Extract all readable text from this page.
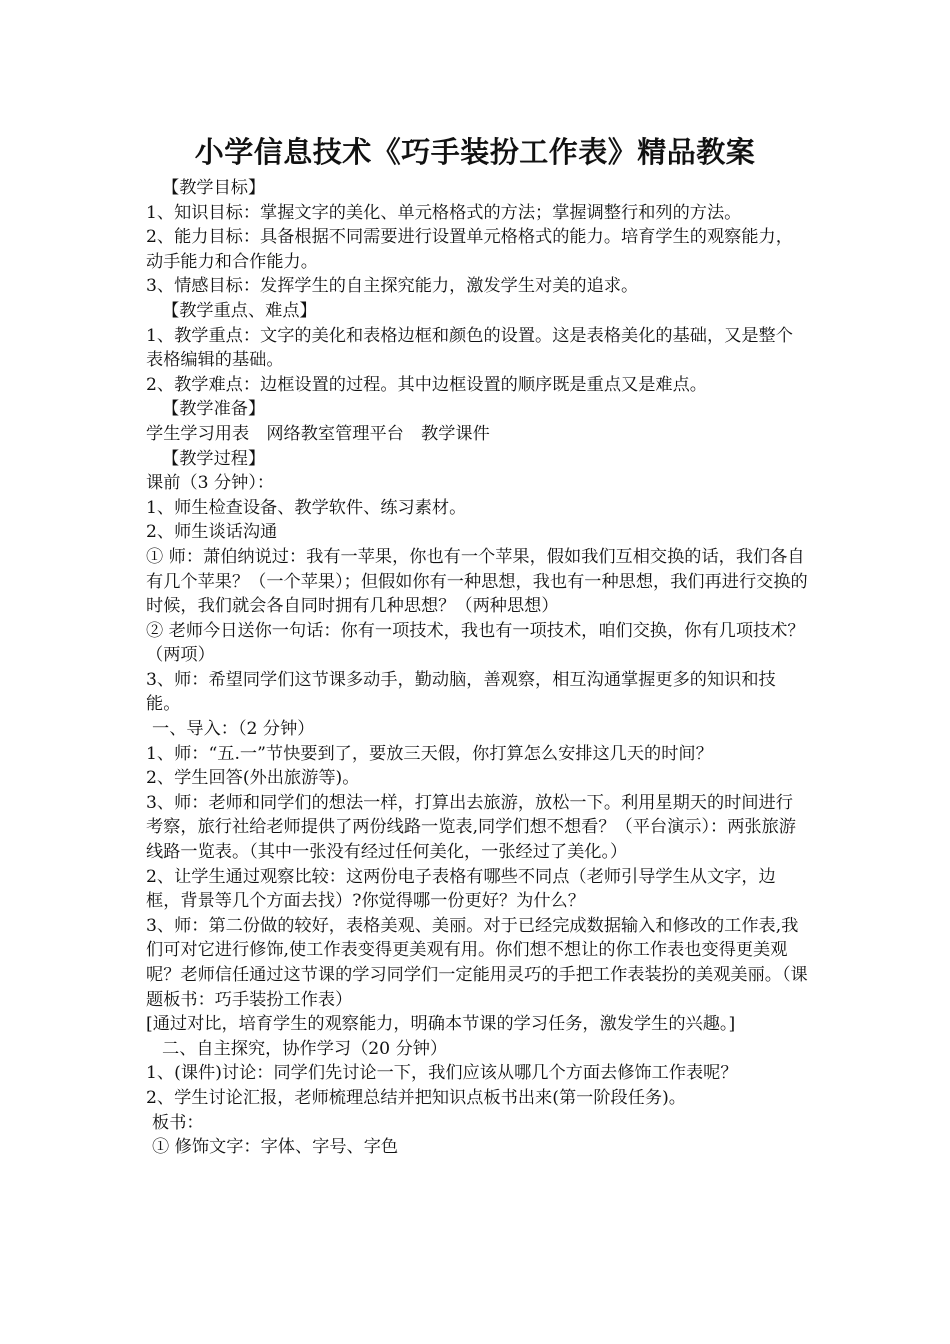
小学信息技术《巧手装扮工作表》精品教案

【教学目标】

1、知识目标：掌握文字的美化、单元格格式的方法；掌握调整行和列的方法。

2、能力目标：具备根据不同需要进行设置单元格格式的能力。培育学生的观察能力，动手能力和合作能力。

3、情感目标：发挥学生的自主探究能力，激发学生对美的追求。

【教学重点、难点】

1、教学重点：文字的美化和表格边框和颜色的设置。这是表格美化的基础，又是整个表格编辑的基础。

2、教学难点：边框设置的过程。其中边框设置的顺序既是重点又是难点。

【教学准备】

学生学习用表　网络教室管理平台　教学课件

【教学过程】

课前（3 分钟）：

1、师生检查设备、教学软件、练习素材。

2、师生谈话沟通

① 师：萧伯纳说过：我有一苹果，你也有一个苹果，假如我们互相交换的话，我们各自有几个苹果？（一个苹果）；但假如你有一种思想，我也有一种思想，我们再进行交换的时候，我们就会各自同时拥有几种思想？（两种思想）

② 老师今日送你一句话：你有一项技术，我也有一项技术，咱们交换，你有几项技术？（两项）

3、师：希望同学们这节课多动手，勤动脑，善观察，相互沟通掌握更多的知识和技能。

一、导入：（2 分钟）

1、师：“五.一”节快要到了，要放三天假，你打算怎么安排这几天的时间？

2、学生回答(外出旅游等)。

3、师：老师和同学们的想法一样，打算出去旅游，放松一下。利用星期天的时间进行考察，旅行社给老师提供了两份线路一览表,同学们想不想看？（平台演示）：两张旅游线路一览表。（其中一张没有经过任何美化，一张经过了美化。）

2、让学生通过观察比较：这两份电子表格有哪些不同点（老师引导学生从文字，边框，背景等几个方面去找）?你觉得哪一份更好？为什么？

3、师：第二份做的较好，表格美观、美丽。对于已经完成数据输入和修改的工作表,我们可对它进行修饰,使工作表变得更美观有用。你们想不想让的你工作表也变得更美观呢？老师信任通过这节课的学习同学们一定能用灵巧的手把工作表装扮的美观美丽。（课题板书：巧手装扮工作表）

[通过对比，培育学生的观察能力，明确本节课的学习任务，激发学生的兴趣。]

二、自主探究，协作学习（20 分钟）

1、(课件)讨论：同学们先讨论一下，我们应该从哪几个方面去修饰工作表呢？

2、学生讨论汇报，老师梳理总结并把知识点板书出来(第一阶段任务)。

板书：

① 修饰文字：字体、字号、字色
